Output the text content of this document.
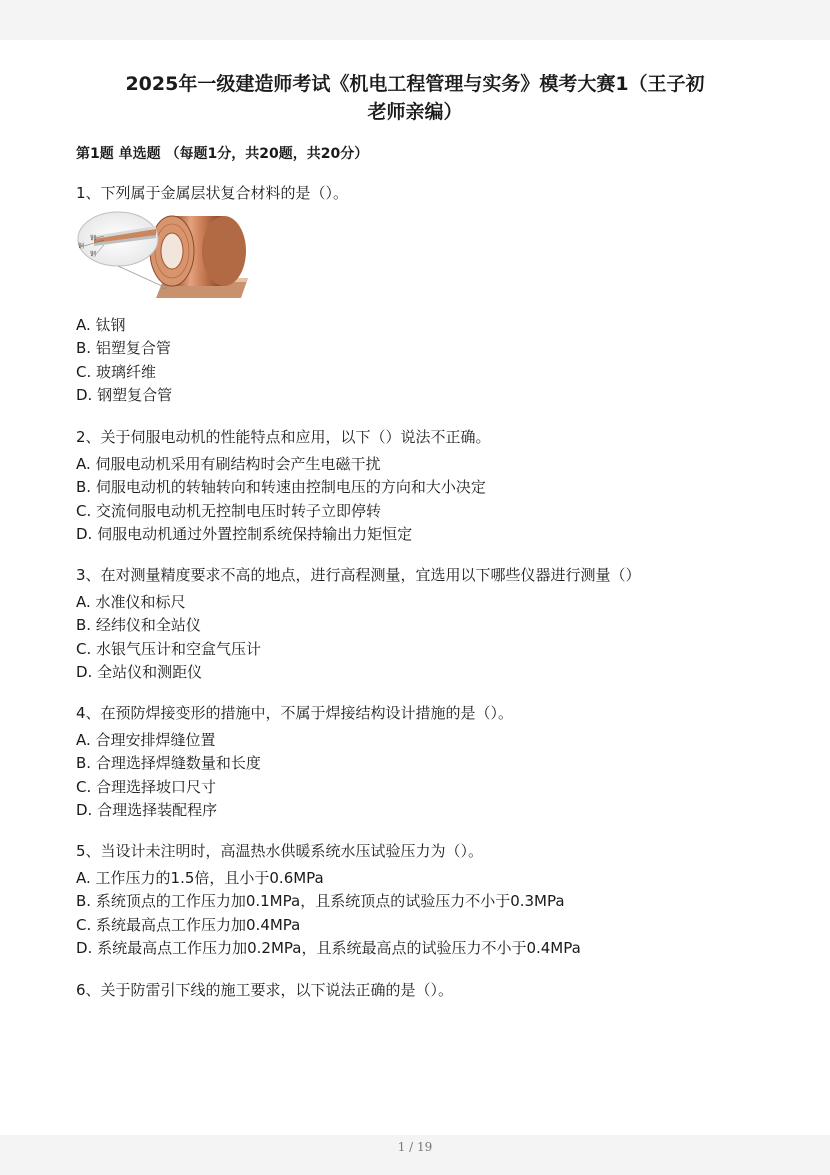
2025年一级建造师考试《机电工程管理与实务》模考大赛1（王子初
老师亲编）
第1题 单选题 （每题1分，共20题，共20分）

1、下列属于金属层状复合材料的是（）。

钢
铜
钢
A. 钛钢
B. 铝塑复合管
C. 玻璃纤维
D. 钢塑复合管

2、关于伺服电动机的性能特点和应用，以下（）说法不正确。

A. 伺服电动机采用有刷结构时会产生电磁干扰
B. 伺服电动机的转轴转向和转速由控制电压的方向和大小决定
C. 交流伺服电动机无控制电压时转子立即停转
D. 伺服电动机通过外置控制系统保持输出力矩恒定

3、在对测量精度要求不高的地点，进行高程测量，宜选用以下哪些仪器进行测量（）

A. 水准仪和标尺
B. 经纬仪和全站仪
C. 水银气压计和空盒气压计
D. 全站仪和测距仪

4、在预防焊接变形的措施中，不属于焊接结构设计措施的是（）。

A. 合理安排焊缝位置
B. 合理选择焊缝数量和长度
C. 合理选择坡口尺寸
D. 合理选择装配程序

5、当设计未注明时，高温热水供暖系统水压试验压力为（）。

A. 工作压力的1.5倍，且小于0.6MPa
B. 系统顶点的工作压力加0.1MPa，且系统顶点的试验压力不小于0.3MPa
C. 系统最高点工作压力加0.4MPa
D. 系统最高点工作压力加0.2MPa，且系统最高点的试验压力不小于0.4MPa

6、关于防雷引下线的施工要求，以下说法正确的是（）。

1 / 19
